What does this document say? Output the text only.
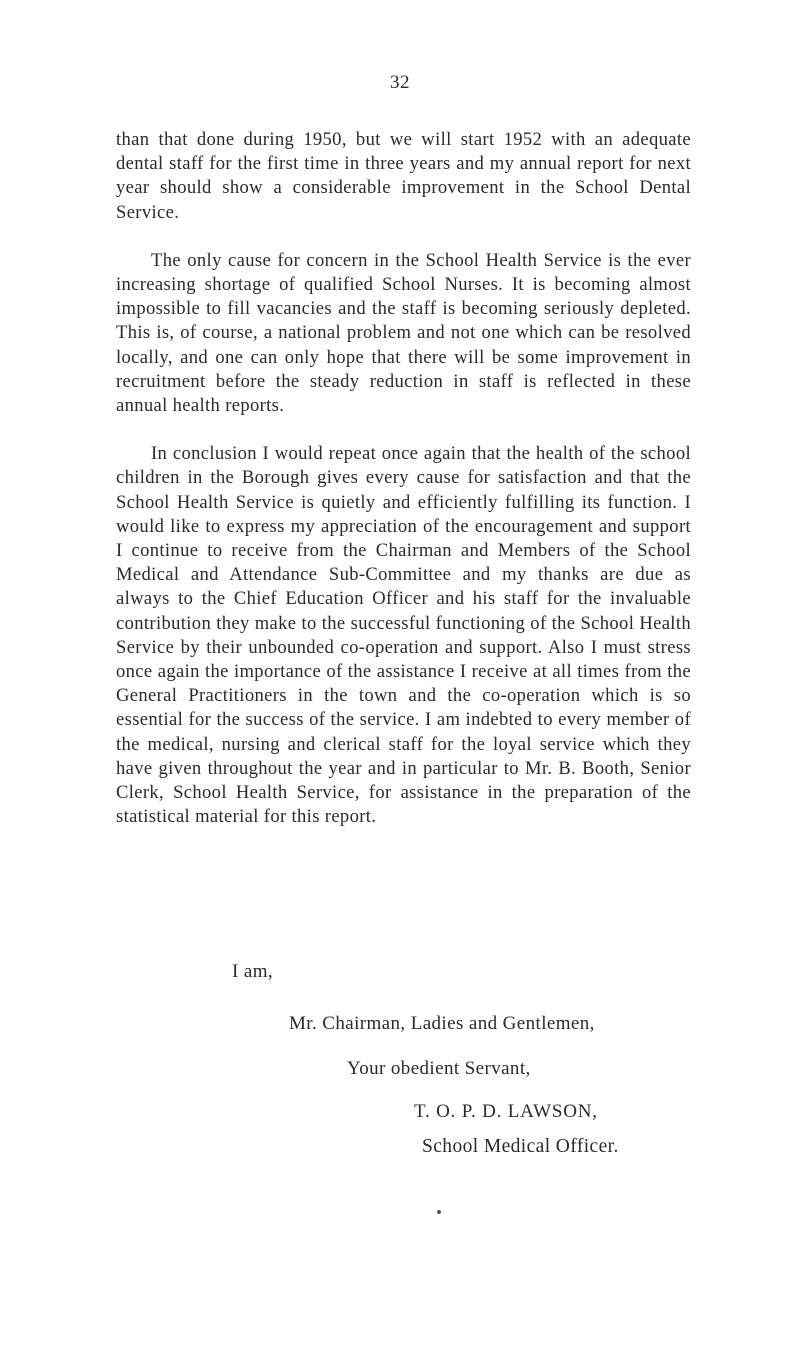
32

than that done during 1950, but we will start 1952 with an adequate dental staff for the first time in three years and my annual report for next year should show a considerable improvement in the School Dental Service.

The only cause for concern in the School Health Service is the ever increasing shortage of qualified School Nurses. It is becoming almost impossible to fill vacancies and the staff is becoming seriously depleted. This is, of course, a national problem and not one which can be resolved locally, and one can only hope that there will be some improvement in recruitment before the steady reduction in staff is reflected in these annual health reports.

In conclusion I would repeat once again that the health of the school children in the Borough gives every cause for satisfaction and that the School Health Service is quietly and efficiently fulfilling its function. I would like to express my appreciation of the encouragement and support I continue to receive from the Chairman and Members of the School Medical and Attendance Sub-Committee and my thanks are due as always to the Chief Education Officer and his staff for the invaluable contribution they make to the successful functioning of the School Health Service by their unbounded co-operation and support. Also I must stress once again the importance of the assistance I receive at all times from the General Practitioners in the town and the co-operation which is so essential for the success of the service. I am indebted to every member of the medical, nursing and clerical staff for the loyal service which they have given throughout the year and in particular to Mr. B. Booth, Senior Clerk, School Health Service, for assistance in the preparation of the statistical material for this report.

I am,
Mr. Chairman, Ladies and Gentlemen,
Your obedient Servant,
T. O. P. D. LAWSON,
School Medical Officer.
